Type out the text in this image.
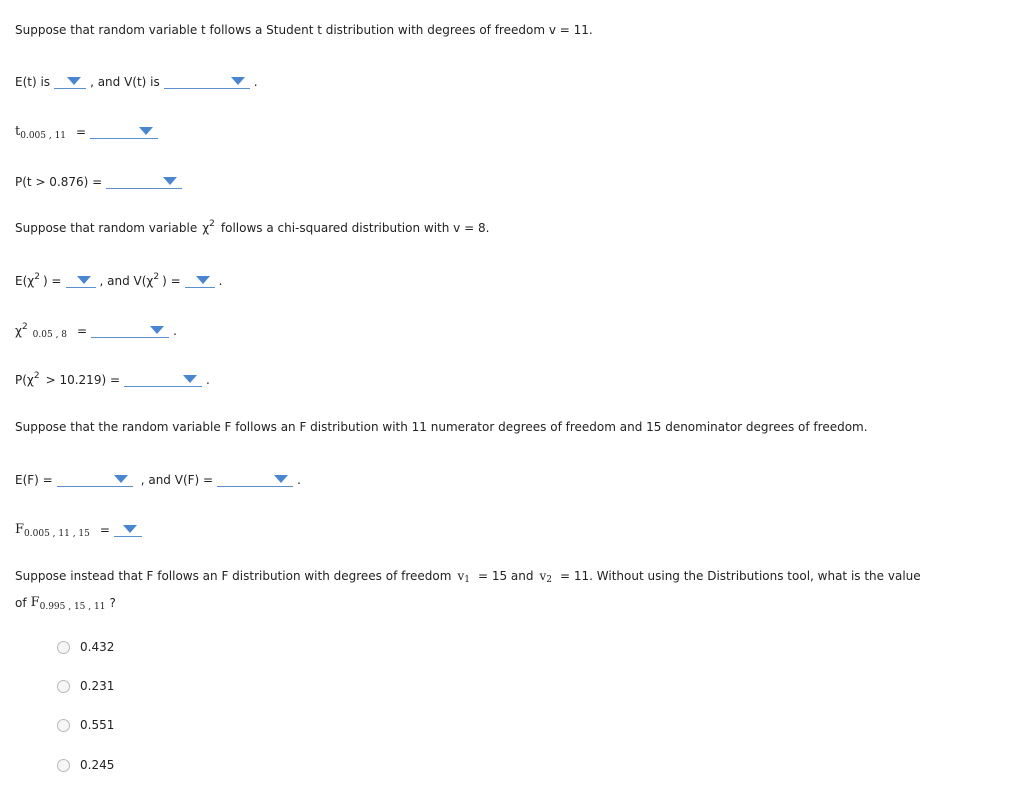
Suppose that random variable t follows a Student t distribution with degrees of freedom v = 11.
E(t) is	, and V(t) is	.
t 0.005 , 11 =
P(t > 0.876) =
Suppose that random variable χ 2 follows a chi-squared distribution with v = 8.
E( χ 2 ) =	, and V( χ 2 ) =	.
χ 2
0.05 , 8 =	.
P( χ 2 > 10.219) =	.
Suppose that the random variable F follows an F distribution with 11 numerator degrees of freedom and 15 denominator degrees of freedom.
E(F) =	, and V(F) =	.
F 0.005 , 11 , 15 =
Suppose instead that F follows an F distribution with degrees of freedom v 1 = 15 and v 2 = 11. Without using the Distributions tool, what is the value
of F 0.995 , 15 , 11 ?
0.432
0.231
0.551
0.245
